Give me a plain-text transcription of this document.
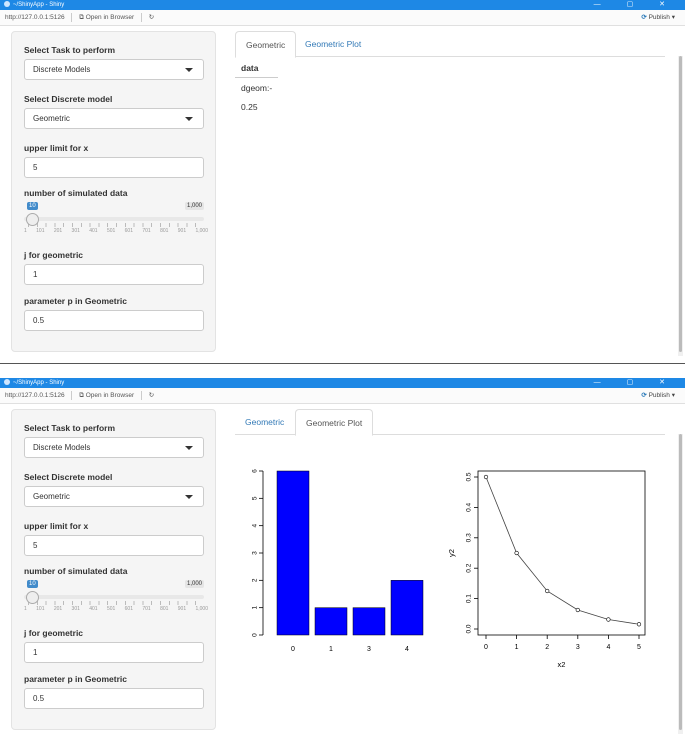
~/ShinyApp - Shiny	— ▢ ✕
http://127.0.0.1:5126 ⧉ Open in Browser ↻	⟳ Publish ▾
Select Task to perform
Discrete Models
Select Discrete model
Geometric
upper limit for x
5
number of simulated data
10	1,000
1 101 201 301 401 501 601 701 801 901 1,000
j for geometric
1
parameter p in Geometric
0.5
Geometric	Geometric Plot
data
dgeom:-
0.25
~/ShinyApp - Shiny	— ▢ ✕
http://127.0.0.1:5126 ⧉ Open in Browser ↻	⟳ Publish ▾
Select Task to perform
Discrete Models
Select Discrete model
Geometric
upper limit for x
5
number of simulated data
10	1,000
1 101 201 301 401 501 601 701 801 901 1,000
j for geometric
1
parameter p in Geometric
0.5
Geometric	Geometric Plot
0
1
2
3
4
5
6
0	1	3	4	0	1	2	3	4	5
0.0
0.1
0.2
0.3
0.4
0.5
x2
y2
